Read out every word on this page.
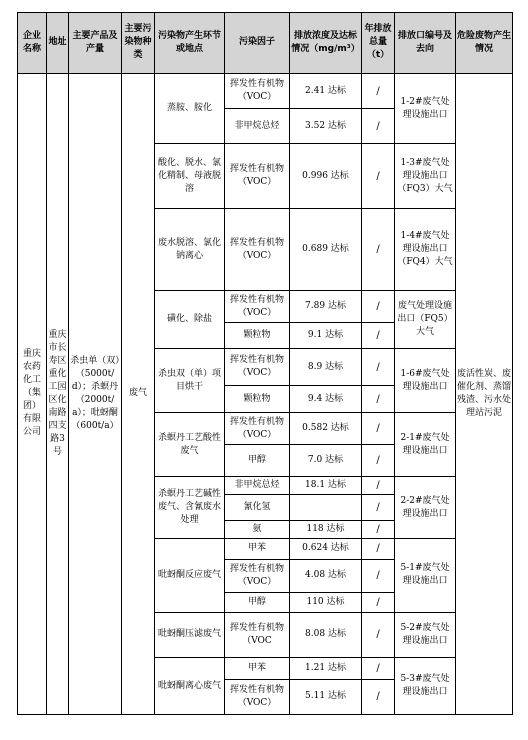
企业名称	地址	主要产品及产量	主要污染物种类	污染物产生环节或地点	污染因子	排放浓度及达标情况（mg/m³）	年排放总量（t）	排放口编号及去向	危险废物产生情况
重庆农药化工（集团）有限公司	重庆市长寿区重化工园区化南路四支路3号	杀虫单（双）（5000t/d）；杀螟丹（2000t/a）；吡蚜酮（600t/a）	废气	蒸胺、胺化	挥发性有机物（VOC）	2.41 达标	/	1-2#废气处理设施出口	废活性炭、废催化剂、蒸馏残渣、污水处理站污泥
					非甲烷总烃	3.52 达标	/		
				酸化、脱水、氯化精制、母液脱溶	挥发性有机物（VOC）	0.996 达标	/	1-3#废气处理设施出口（FQ3）大气	
				废水脱溶、氯化钠离心	挥发性有机物（VOC）	0.689 达标	/	1-4#废气处理设施出口（FQ4）大气	
				磺化、除盐	挥发性有机物（VOC）	7.89 达标	/	废气处理设施出口（FQ5）大气	
					颗粒物	9.1 达标	/		
				杀虫双（单）项目烘干	挥发性有机物（VOC）	8.9 达标	/	1-6#废气处理设施出口	
					颗粒物	9.4 达标	/		
				杀螟丹工艺酸性废气	挥发性有机物（VOC）	0.582 达标	/	2-1#废气处理设施出口	
					甲醇	7.0 达标	/		
				杀螟丹工艺碱性废气、含氰废水处理	非甲烷总烃	18.1 达标	/	2-2#废气处理设施出口	
					氰化氢		/		
					氨	118 达标	/		
				吡蚜酮反应废气	甲苯	0.624 达标	/	5-1#废气处理设施出口	
					挥发性有机物（VOC）	4.08 达标	/		
					甲醇	110 达标	/		
				吡蚜酮压滤废气	挥发性有机物（VOC	8.08 达标	/	5-2#废气处理设施出口	
				吡蚜酮离心废气	甲苯	1.21 达标	/	5-3#废气处理设施出口	
					挥发性有机物（VOC）	5.11 达标	/		
